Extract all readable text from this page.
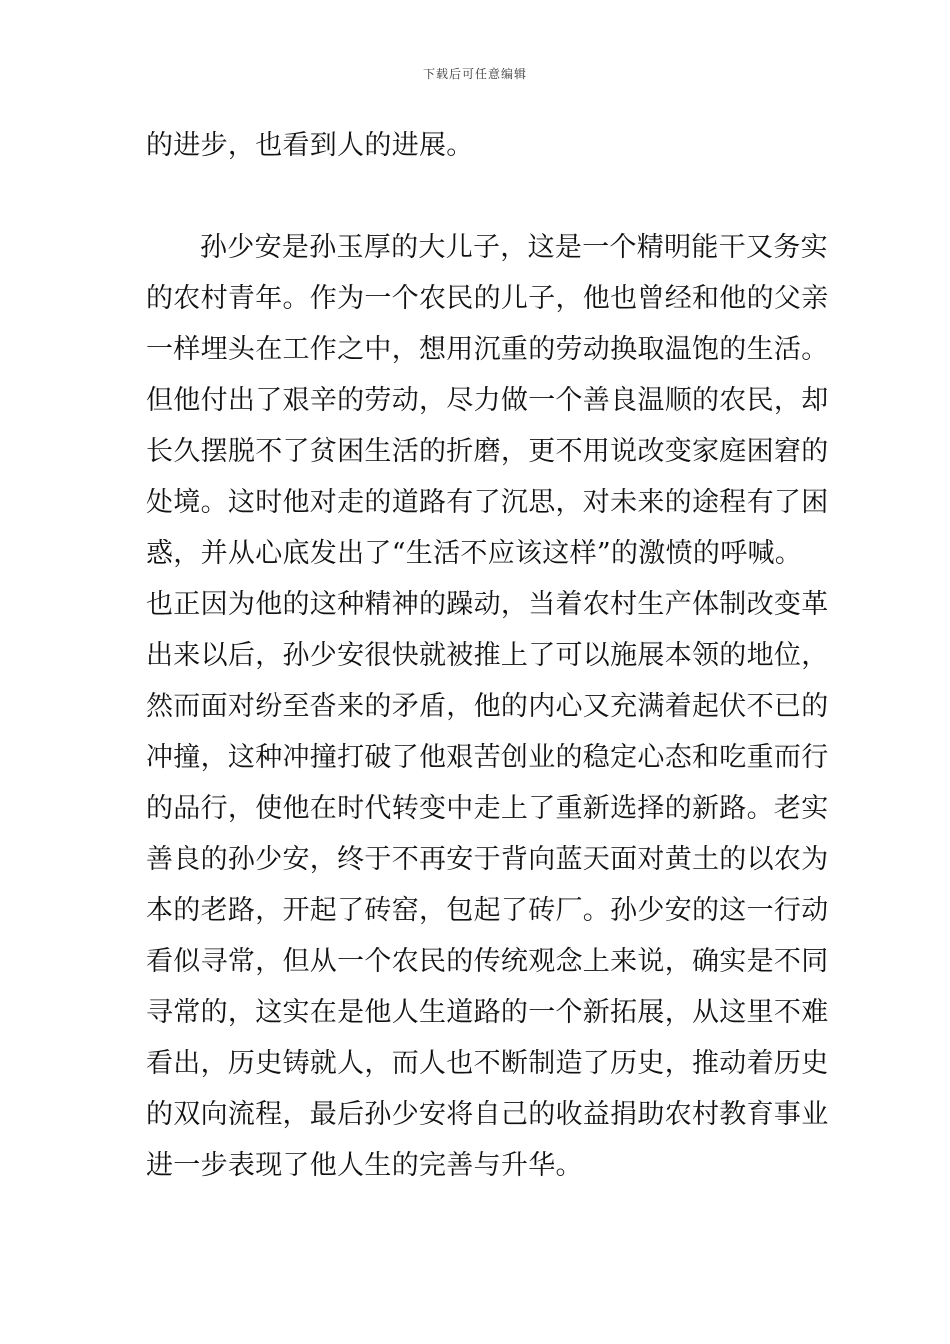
下载后可任意编辑
的进步，也看到人的进展。
孙少安是孙玉厚的大儿子，这是一个精明能干又务实
的农村青年。作为一个农民的儿子，他也曾经和他的父亲
一样埋头在工作之中，想用沉重的劳动换取温饱的生活。
但他付出了艰辛的劳动，尽力做一个善良温顺的农民，却
长久摆脱不了贫困生活的折磨，更不用说改变家庭困窘的
处境。这时他对走的道路有了沉思，对未来的途程有了困
惑，并从心底发出了“生活不应该这样”的激愤的呼喊。
也正因为他的这种精神的躁动，当着农村生产体制改变革
出来以后，孙少安很快就被推上了可以施展本领的地位，
然而面对纷至沓来的矛盾，他的内心又充满着起伏不已的
冲撞，这种冲撞打破了他艰苦创业的稳定心态和吃重而行
的品行，使他在时代转变中走上了重新选择的新路。老实
善良的孙少安，终于不再安于背向蓝天面对黄土的以农为
本的老路，开起了砖窑，包起了砖厂。孙少安的这一行动
看似寻常，但从一个农民的传统观念上来说，确实是不同
寻常的，这实在是他人生道路的一个新拓展，从这里不难
看出，历史铸就人，而人也不断制造了历史，推动着历史
的双向流程，最后孙少安将自己的收益捐助农村教育事业
进一步表现了他人生的完善与升华。
